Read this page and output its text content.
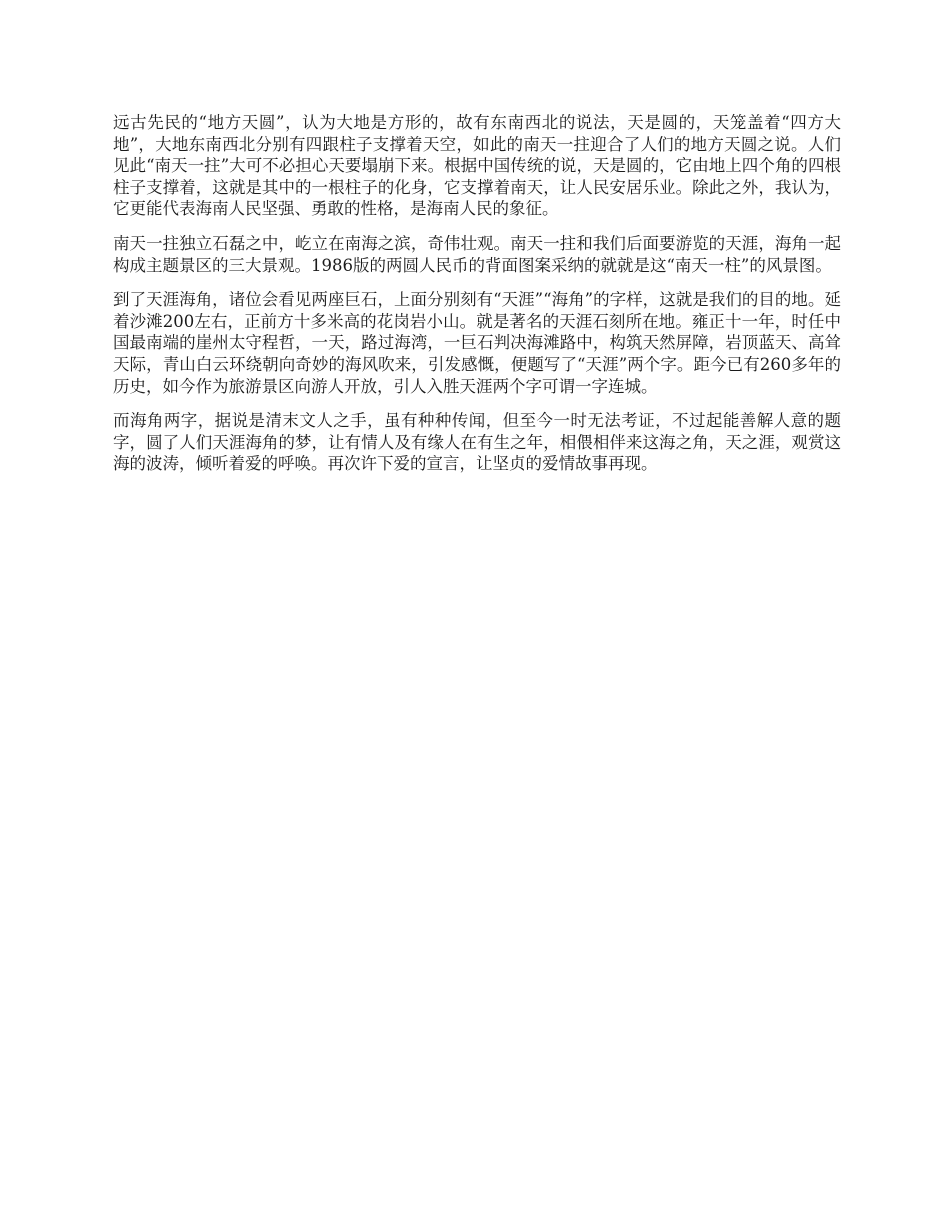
远古先民的“地方天圆”，认为大地是方形的，故有东南西北的说法，天是圆的，天笼盖着“四方大地”，大地东南西北分别有四跟柱子支撑着天空，如此的南天一拄迎合了人们的地方天圆之说。人们见此“南天一拄”大可不必担心天要塌崩下来。根据中国传统的说，天是圆的，它由地上四个角的四根柱子支撑着，这就是其中的一根柱子的化身，它支撑着南天，让人民安居乐业。除此之外，我认为，它更能代表海南人民坚强、勇敢的性格，是海南人民的象征。

南天一拄独立石磊之中，屹立在南海之滨，奇伟壮观。南天一拄和我们后面要游览的天涯，海角一起构成主题景区的三大景观。1986版的两圆人民币的背面图案采纳的就就是这“南天一柱”的风景图。

到了天涯海角，诸位会看见两座巨石，上面分别刻有“天涯”“海角”的字样，这就是我们的目的地。延着沙滩200左右，正前方十多米高的花岗岩小山。就是著名的天涯石刻所在地。雍正十一年，时任中国最南端的崖州太守程哲，一天，路过海湾，一巨石判决海滩路中，构筑天然屏障，岩顶蓝天、高耸天际，青山白云环绕朝向奇妙的海风吹来，引发感慨，便题写了“天涯”两个字。距今已有260多年的历史，如今作为旅游景区向游人开放，引人入胜天涯两个字可谓一字连城。

而海角两字，据说是清末文人之手，虽有种种传闻，但至今一时无法考证，不过起能善解人意的题字，圆了人们天涯海角的梦，让有情人及有缘人在有生之年，相偎相伴来这海之角，天之涯，观赏这海的波涛，倾听着爱的呼唤。再次许下爱的宣言，让坚贞的爱情故事再现。
